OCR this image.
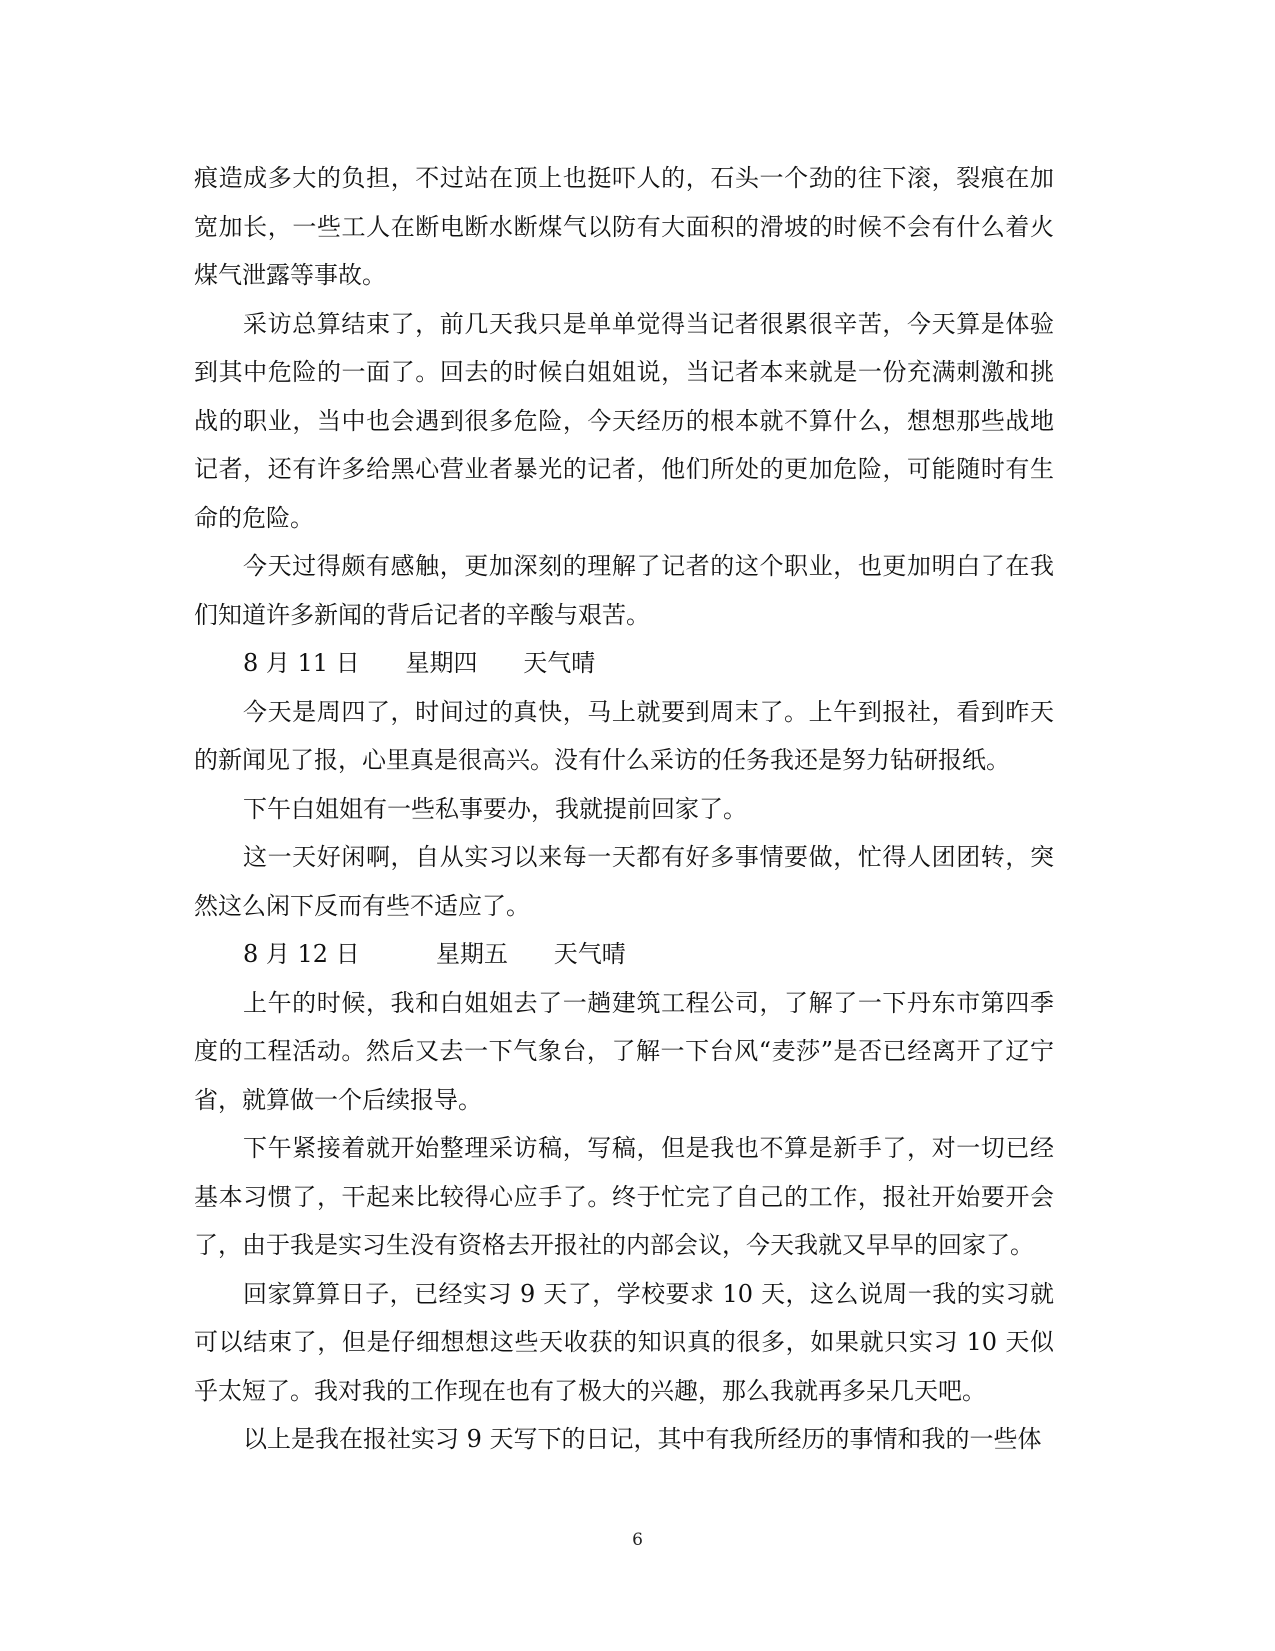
痕造成多大的负担，不过站在顶上也挺吓人的，石头一个劲的往下滚，裂痕在加宽加长，一些工人在断电断水断煤气以防有大面积的滑坡的时候不会有什么着火煤气泄露等事故。

采访总算结束了，前几天我只是单单觉得当记者很累很辛苦，今天算是体验到其中危险的一面了。回去的时候白姐姐说，当记者本来就是一份充满刺激和挑战的职业，当中也会遇到很多危险，今天经历的根本就不算什么，想想那些战地记者，还有许多给黑心营业者暴光的记者，他们所处的更加危险，可能随时有生命的危险。

今天过得颇有感触，更加深刻的理解了记者的这个职业，也更加明白了在我们知道许多新闻的背后记者的辛酸与艰苦。

8 月 11 日      星期四      天气晴

今天是周四了，时间过的真快，马上就要到周末了。上午到报社，看到昨天的新闻见了报，心里真是很高兴。没有什么采访的任务我还是努力钻研报纸。

下午白姐姐有一些私事要办，我就提前回家了。

这一天好闲啊，自从实习以来每一天都有好多事情要做，忙得人团团转，突然这么闲下反而有些不适应了。

8 月 12 日          星期五      天气晴

上午的时候，我和白姐姐去了一趟建筑工程公司，了解了一下丹东市第四季度的工程活动。然后又去一下气象台，了解一下台风“麦莎”是否已经离开了辽宁省，就算做一个后续报导。

下午紧接着就开始整理采访稿，写稿，但是我也不算是新手了，对一切已经基本习惯了，干起来比较得心应手了。终于忙完了自己的工作，报社开始要开会了，由于我是实习生没有资格去开报社的内部会议，今天我就又早早的回家了。

回家算算日子，已经实习 9 天了，学校要求 10 天，这么说周一我的实习就可以结束了，但是仔细想想这些天收获的知识真的很多，如果就只实习 10 天似乎太短了。我对我的工作现在也有了极大的兴趣，那么我就再多呆几天吧。

以上是我在报社实习 9 天写下的日记，其中有我所经历的事情和我的一些体

6
